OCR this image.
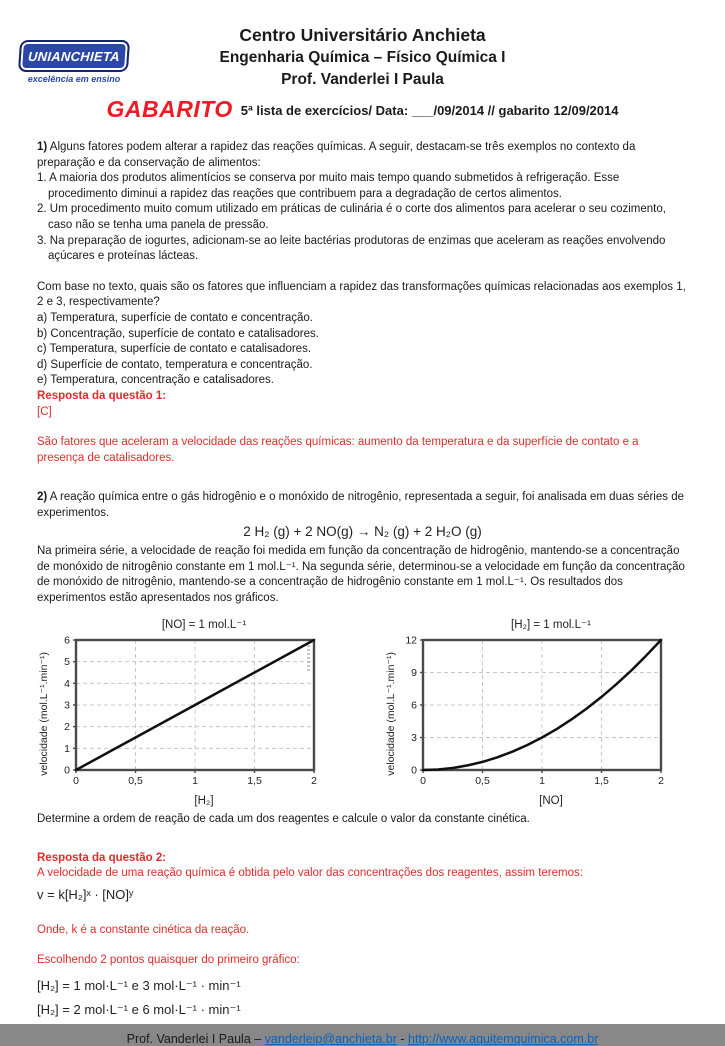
UNIANCHIETA
excelência em ensino
Centro Universitário Anchieta
Engenharia Química – Físico Química I
Prof. Vanderlei I Paula
GABARITO 5ª lista de exercícios/ Data: ___/09/2014 // gabarito 12/09/2014
1) Alguns fatores podem alterar a rapidez das reações químicas. A seguir, destacam-se três exemplos no contexto da preparação e da conservação de alimentos:
1. A maioria dos produtos alimentícios se conserva por muito mais tempo quando submetidos à refrigeração. Esse procedimento diminui a rapidez das reações que contribuem para a degradação de certos alimentos.
2. Um procedimento muito comum utilizado em práticas de culinária é o corte dos alimentos para acelerar o seu cozimento, caso não se tenha uma panela de pressão.
3. Na preparação de iogurtes, adicionam-se ao leite bactérias produtoras de enzimas que aceleram as reações envolvendo açúcares e proteínas lácteas.
Com base no texto, quais são os fatores que influenciam a rapidez das transformações químicas relacionadas aos exemplos 1, 2 e 3, respectivamente?
a) Temperatura, superfície de contato e concentração.
b) Concentração, superfície de contato e catalisadores.
c) Temperatura, superfície de contato e catalisadores.
d) Superfície de contato, temperatura e concentração.
e) Temperatura, concentração e catalisadores.
Resposta da questão 1:
[C]
São fatores que aceleram a velocidade das reações químicas: aumento da temperatura e da superfície de contato e a presença de catalisadores.
2) A reação química entre o gás hidrogênio e o monóxido de nitrogênio, representada a seguir, foi analisada em duas séries de experimentos.
2 H₂ (g) + 2 NO(g) → N₂ (g) + 2 H₂O (g)
Na primeira série, a velocidade de reação foi medida em função da concentração de hidrogênio, mantendo-se a concentração de monóxido de nitrogênio constante em 1 mol.L⁻¹. Na segunda série, determinou-se a velocidade em função da concentração de monóxido de nitrogênio, mantendo-se a concentração de hidrogênio constante em 1 mol.L⁻¹. Os resultados dos experimentos estão apresentados nos gráficos.
[NO] = 1 mol.L⁻¹
velocidade (mol.L⁻¹.min⁻¹)
0	0,5	1	1,5	2
0
1
2
3
4
5
6
[H₂]
[H₂] = 1 mol.L⁻¹
velocidade (mol.L⁻¹.min⁻¹)
0	0,5	1	1,5	2
0
3
6
9
12
[NO]
Determine a ordem de reação de cada um dos reagentes e calcule o valor da constante cinética.
Resposta da questão 2:
A velocidade de uma reação química é obtida pelo valor das concentrações dos reagentes, assim teremos:
v = k[H₂]ˣ · [NO]ʸ
Onde, k é a constante cinética da reação.
Escolhendo 2 pontos quaisquer do primeiro gráfico:
[H₂] = 1 mol·L⁻¹ e 3 mol·L⁻¹ · min⁻¹
[H₂] = 2 mol·L⁻¹ e 6 mol·L⁻¹ · min⁻¹
Prof. Vanderlei I Paula – vanderleip@anchieta.br - http://www.aquitemquimica.com.br
